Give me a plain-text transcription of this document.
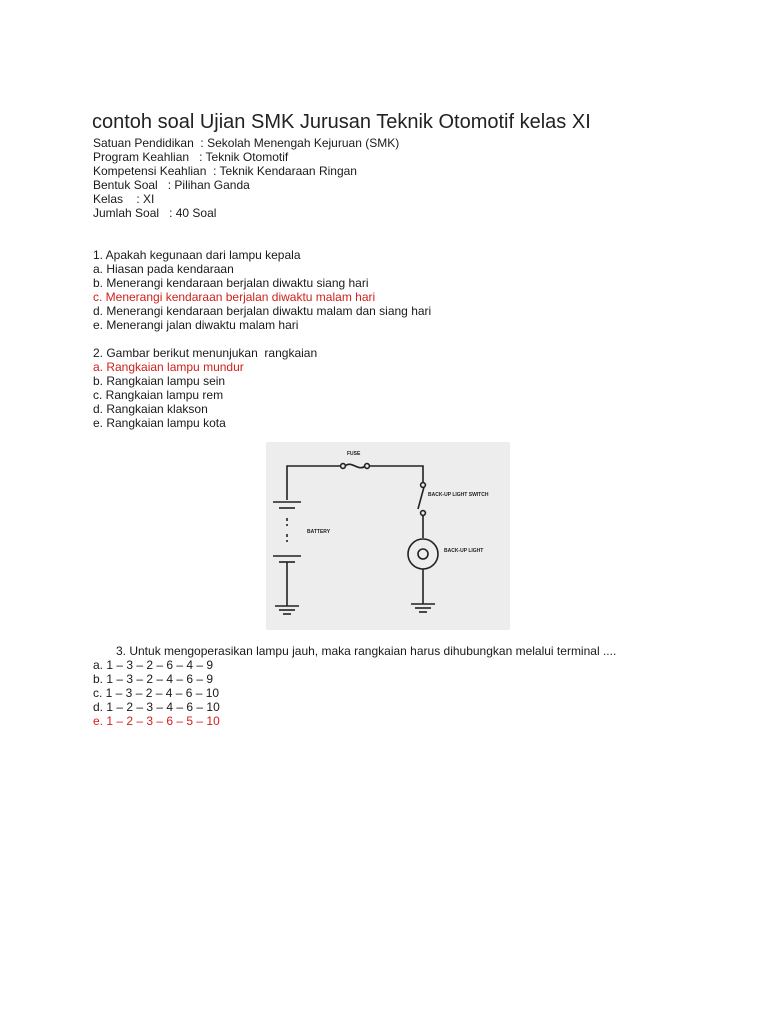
contoh soal Ujian SMK Jurusan Teknik Otomotif kelas XI
Satuan Pendidikan : Sekolah Menengah Kejuruan (SMK)
Program Keahlian : Teknik Otomotif
Kompetensi Keahlian : Teknik Kendaraan Ringan
Bentuk Soal : Pilihan Ganda
Kelas : XI
Jumlah Soal : 40 Soal
1. Apakah kegunaan dari lampu kepala
a. Hiasan pada kendaraan
b. Menerangi kendaraan berjalan diwaktu siang hari
c. Menerangi kendaraan berjalan diwaktu malam hari
d. Menerangi kendaraan berjalan diwaktu malam dan siang hari
e. Menerangi jalan diwaktu malam hari
2. Gambar berikut menunjukan  rangkaian
a. Rangkaian lampu mundur
b. Rangkaian lampu sein
c. Rangkaian lampu rem
d. Rangkaian klakson
e. Rangkaian lampu kota
FUSE
BACK-UP LIGHT SWITCH
BATTERY
BACK-UP LIGHT
3. Untuk mengoperasikan lampu jauh, maka rangkaian harus dihubungkan melalui terminal ....
a. 1 – 3 – 2 – 6 – 4 – 9
b. 1 – 3 – 2 – 4 – 6 – 9
c. 1 – 3 – 2 – 4 – 6 – 10
d. 1 – 2 – 3 – 4 – 6 – 10
e. 1 – 2 – 3 – 6 – 5 – 10
